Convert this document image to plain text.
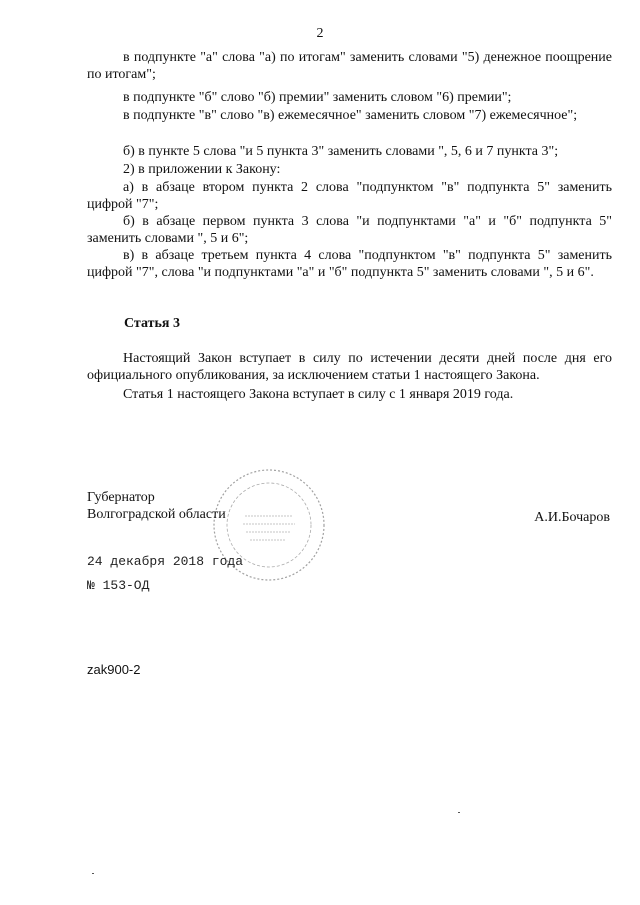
2

в подпункте "а" слова "а) по итогам" заменить словами "5) денежное поощрение по итогам";

в подпункте "б" слово "б) премии" заменить словом "6) премии";

в подпункте "в" слово "в) ежемесячное" заменить словом "7) ежемесячное";

б) в пункте 5 слова "и 5 пункта 3" заменить словами ", 5, 6 и 7 пункта 3";

2) в приложении к Закону:

а) в абзаце втором пункта 2 слова "подпунктом "в" подпункта 5" заменить цифрой "7";

б) в абзаце первом пункта 3 слова "и подпунктами "а" и "б" подпункта 5" заменить словами ", 5 и 6";

в) в абзаце третьем пункта 4 слова "подпунктом "в" подпункта 5" заменить цифрой "7", слова "и подпунктами "а" и "б" подпункта 5" заменить словами ", 5 и 6".

Статья 3

Настоящий Закон вступает в силу по истечении десяти дней после дня его официального опубликования, за исключением статьи 1 настоящего Закона.

Статья 1 настоящего Закона вступает в силу с 1 января 2019 года.

Губернатор
Волгоградской области	А.И.Бочаров
24 декабря 2018 года
№ 153-ОД
zak900-2
